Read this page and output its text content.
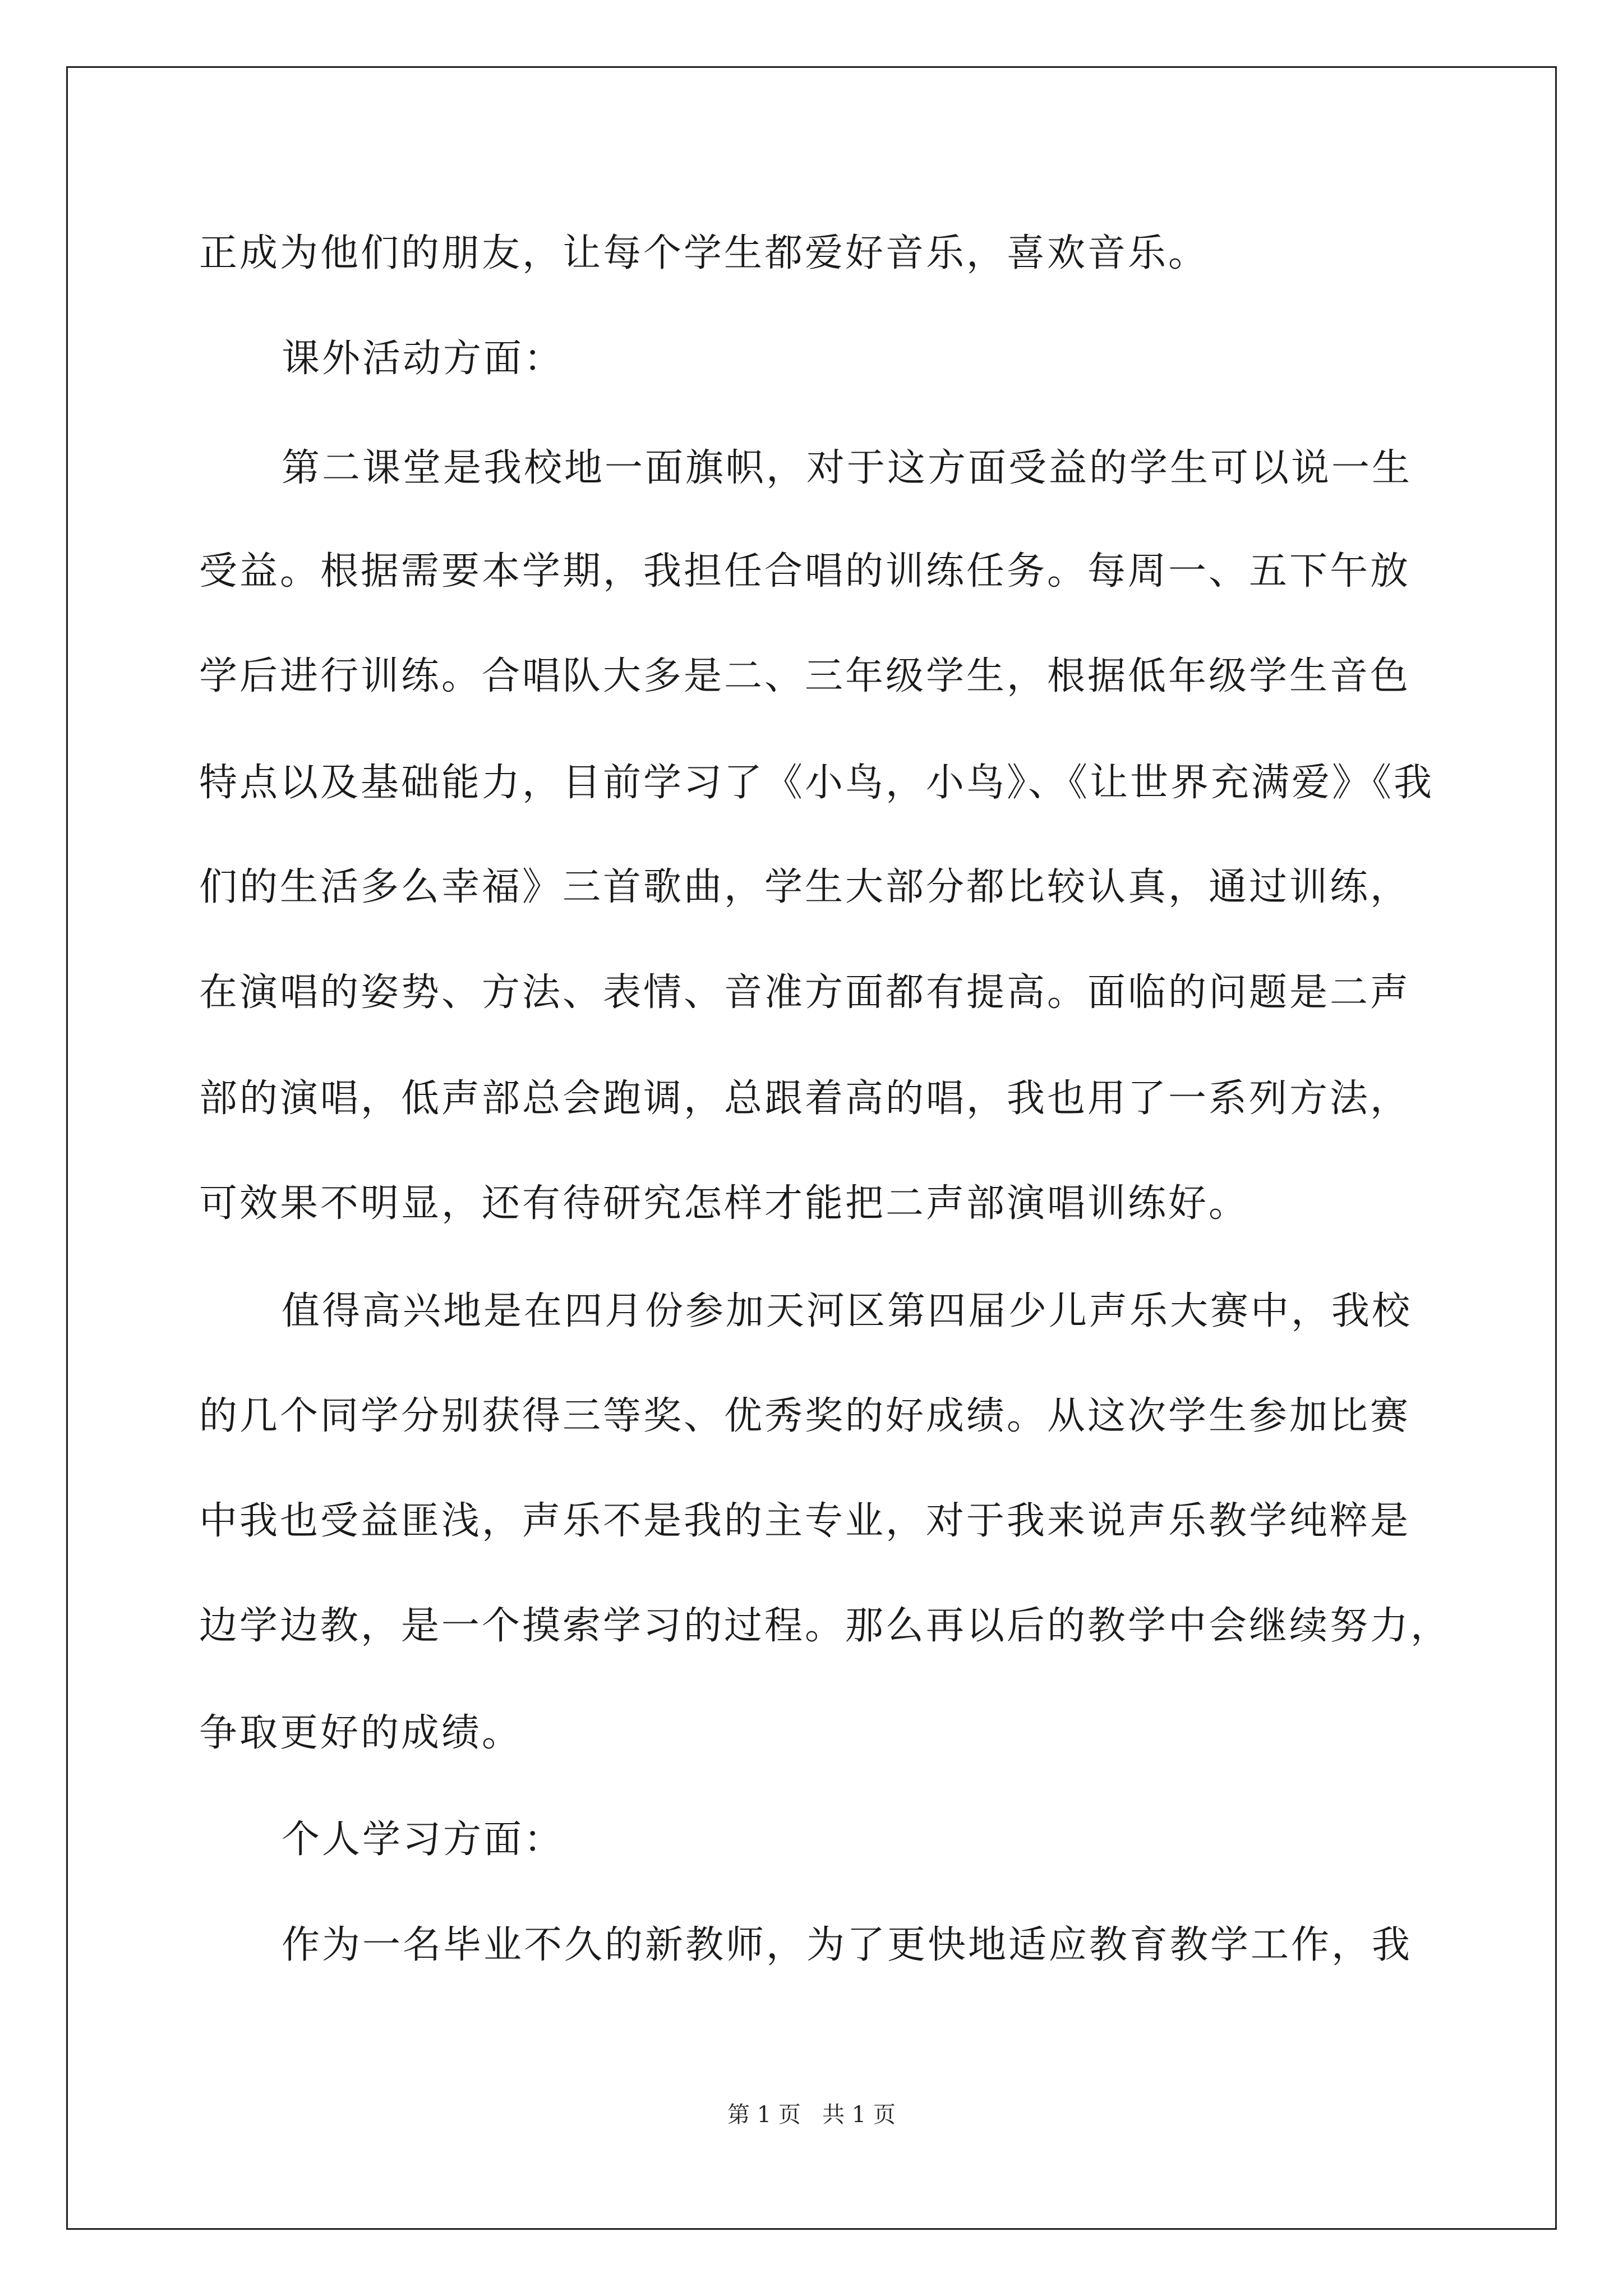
正成为他们的朋友，让每个学生都爱好音乐，喜欢音乐。
课外活动方面：
第二课堂是我校地一面旗帜，对于这方面受益的学生可以说一生
受益。根据需要本学期，我担任合唱的训练任务。每周一、五下午放
学后进行训练。合唱队大多是二、三年级学生，根据低年级学生音色
特点以及基础能力，目前学习了《小鸟，小鸟》、《让世界充满爱》《我
们的生活多么幸福》三首歌曲，学生大部分都比较认真，通过训练，
在演唱的姿势、方法、表情、音准方面都有提高。面临的问题是二声
部的演唱，低声部总会跑调，总跟着高的唱，我也用了一系列方法，
可效果不明显，还有待研究怎样才能把二声部演唱训练好。
值得高兴地是在四月份参加天河区第四届少儿声乐大赛中，我校
的几个同学分别获得三等奖、优秀奖的好成绩。从这次学生参加比赛
中我也受益匪浅，声乐不是我的主专业，对于我来说声乐教学纯粹是
边学边教，是一个摸索学习的过程。那么再以后的教学中会继续努力，
争取更好的成绩。
个人学习方面：
作为一名毕业不久的新教师，为了更快地适应教育教学工作，我
第 1 页   共 1 页
